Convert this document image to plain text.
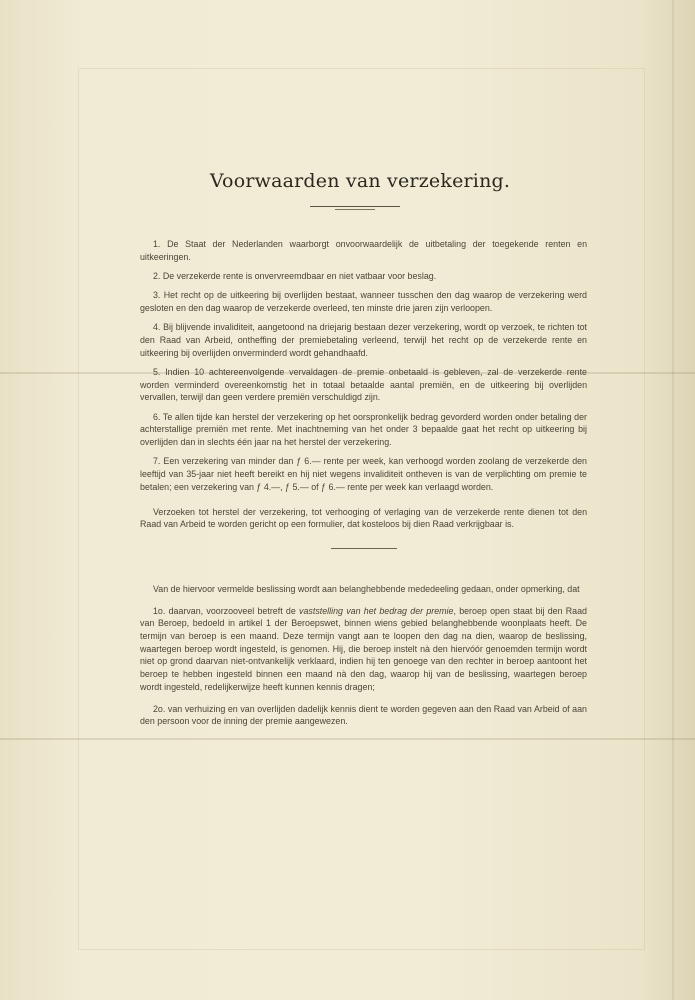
Voorwaarden van verzekering.

1. De Staat der Nederlanden waarborgt onvoorwaardelijk de uitbetaling der toegekende renten en uitkeeringen.

2. De verzekerde rente is onvervreemdbaar en niet vatbaar voor beslag.

3. Het recht op de uitkeering bij overlijden bestaat, wanneer tusschen den dag waarop de verzekering werd gesloten en den dag waarop de verzekerde overleed, ten minste drie jaren zijn verloopen.

4. Bij blijvende invaliditeit, aangetoond na driejarig bestaan dezer verzekering, wordt op verzoek, te richten tot den Raad van Arbeid, ontheffing der premiebetaling verleend, terwijl het recht op de verzekerde rente en uitkeering bij overlijden onverminderd wordt gehandhaafd.

5. Indien 10 achtereenvolgende vervaldagen de premie onbetaald is gebleven, zal de verzekerde rente worden verminderd overeenkomstig het in totaal betaalde aantal premiën, en de uitkeering bij overlijden vervallen, terwijl dan geen verdere premiën verschuldigd zijn.

6. Te allen tijde kan herstel der verzekering op het oorspronkelijk bedrag gevorderd worden onder betaling der achterstallige premiën met rente. Met inachtneming van het onder 3 bepaalde gaat het recht op uitkeering bij overlijden dan in slechts één jaar na het herstel der verzekering.

7. Een verzekering van minder dan ƒ 6.— rente per week, kan verhoogd worden zoolang de verzekerde den leeftijd van 35-jaar niet heeft bereikt en hij niet wegens invaliditeit ontheven is van de verplichting om premie te betalen; een verzekering van ƒ 4.—, ƒ 5.— of ƒ 6.— rente per week kan verlaagd worden.

Verzoeken tot herstel der verzekering, tot verhooging of verlaging van de verzekerde rente dienen tot den Raad van Arbeid te worden gericht op een formulier, dat kosteloos bij dien Raad verkrijgbaar is.

Van de hiervoor vermelde beslissing wordt aan belanghebbende mededeeling gedaan, onder opmerking, dat

1o. daarvan, voorzooveel betreft de vaststelling van het bedrag der premie, beroep open staat bij den Raad van Beroep, bedoeld in artikel 1 der Beroepswet, binnen wiens gebied belanghebbende woonplaats heeft. De termijn van beroep is een maand. Deze termijn vangt aan te loopen den dag na dien, waarop de beslissing, waartegen beroep wordt ingesteld, is genomen. Hij, die beroep instelt nà den hiervóór genoemden termijn wordt niet op grond daarvan niet-ontvankelijk verklaard, indien hij ten genoege van den rechter in beroep aantoont het beroep te hebben ingesteld binnen een maand nà den dag, waarop hij van de beslissing, waartegen beroep wordt ingesteld, redelijkerwijze heeft kunnen kennis dragen;

2o. van verhuizing en van overlijden dadelijk kennis dient te worden gegeven aan den Raad van Arbeid of aan den persoon voor de inning der premie aangewezen.
